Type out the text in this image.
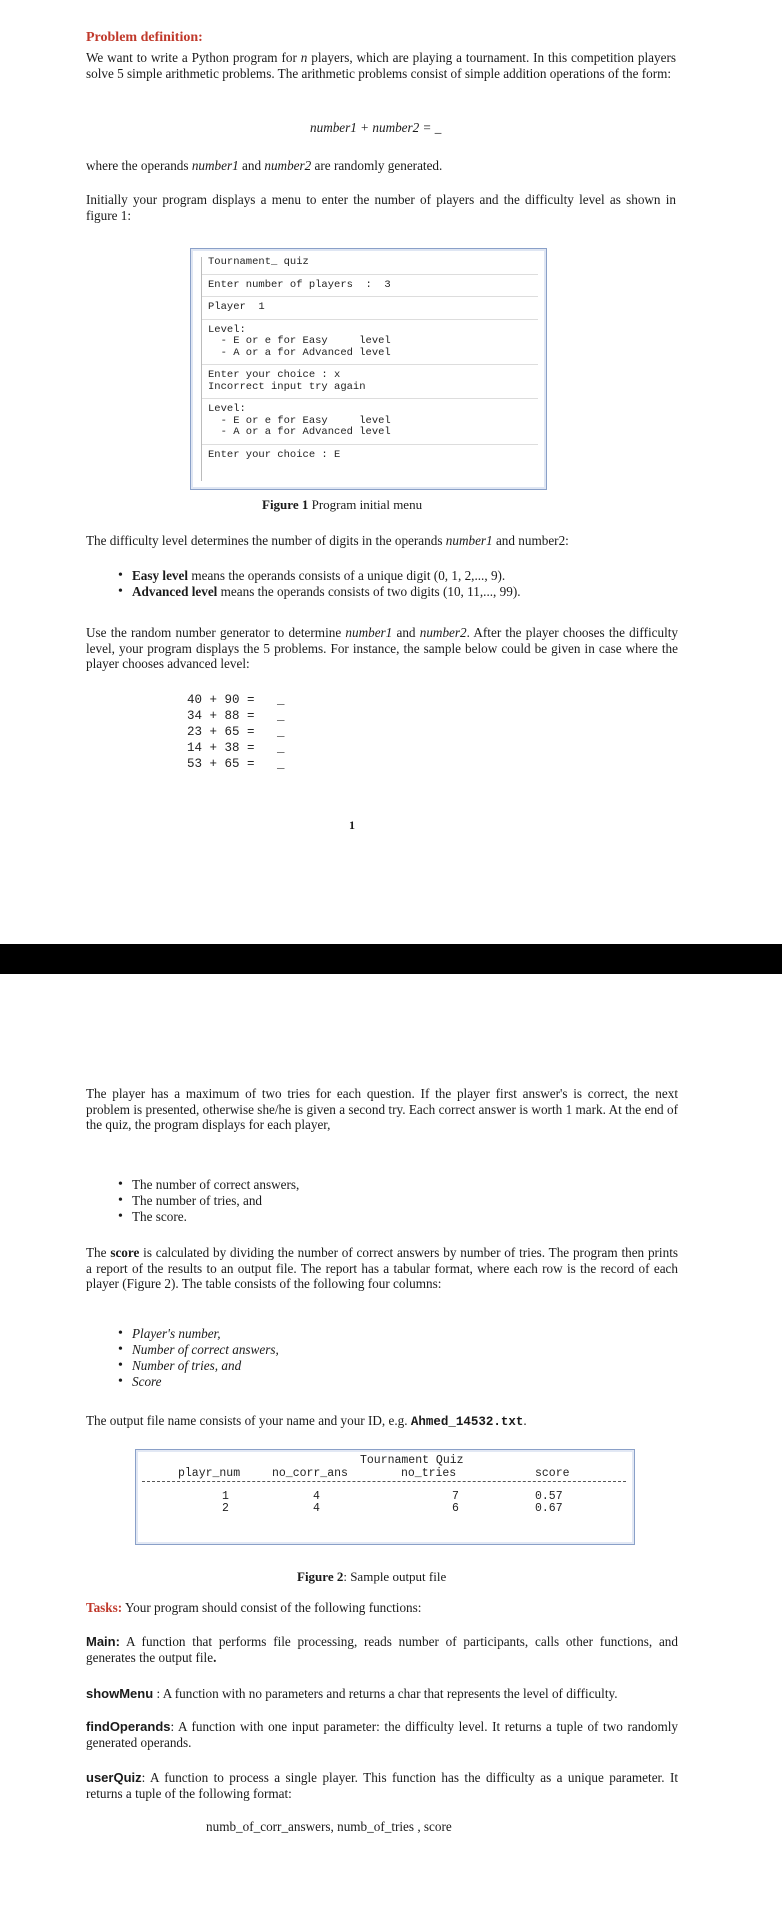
Problem definition:
We want to write a Python program for n players, which are playing a tournament. In this competition players solve 5 simple arithmetic problems. The arithmetic problems consist of simple addition operations of the form:
number1 + number2 = _
where the operands number1 and number2 are randomly generated.
Initially your program displays a menu to enter the number of players and the difficulty level as shown in figure 1:
Tournament_ quiz
Enter number of players  :  3
Player  1
Level:
- E or e for Easy     level
- A or a for Advanced level
Enter your choice : x
Incorrect input try again
Level:
- E or e for Easy     level
- A or a for Advanced level
Enter your choice : E
Figure 1 Program initial menu
The difficulty level determines the number of digits in the operands number1 and number2:
• Easy level means the operands consists of a unique digit (0, 1, 2,..., 9).
• Advanced level means the operands consists of two digits (10, 11,..., 99).
Use the random number generator to determine number1 and number2. After the player chooses the difficulty level, your program displays the 5 problems. For instance, the sample below could be given in case where the player chooses advanced level:
40 + 90 =   _
34 + 88 =   _
23 + 65 =   _
14 + 38 =   _
53 + 65 =   _
1
The player has a maximum of two tries for each question. If the player first answer's is correct, the next problem is presented, otherwise she/he is given a second try. Each correct answer is worth 1 mark. At the end of the quiz, the program displays for each player,
• The number of correct answers,
• The number of tries, and
• The score.
The score is calculated by dividing the number of correct answers by number of tries. The program then prints a report of the results to an output file. The report has a tabular format, where each row is the record of each player (Figure 2). The table consists of the following four columns:
• Player's number,
• Number of correct answers,
• Number of tries, and
• Score
The output file name consists of your name and your ID, e.g. Ahmed_14532.txt.
Tournament Quiz
playr_num	no_corr_ans	no_tries	score
1	4	7	0.57
2	4	6	0.67
Figure 2: Sample output file
Tasks: Your program should consist of the following functions:
Main: A function that performs file processing, reads number of participants, calls other functions, and generates the output file.
showMenu : A function with no parameters and returns a char that represents the level of difficulty.
findOperands: A function with one input parameter: the difficulty level. It returns a tuple of two randomly generated operands.
userQuiz: A function to process a single player. This function has the difficulty as a unique parameter. It returns a tuple of the following format:
numb_of_corr_answers, numb_of_tries , score
